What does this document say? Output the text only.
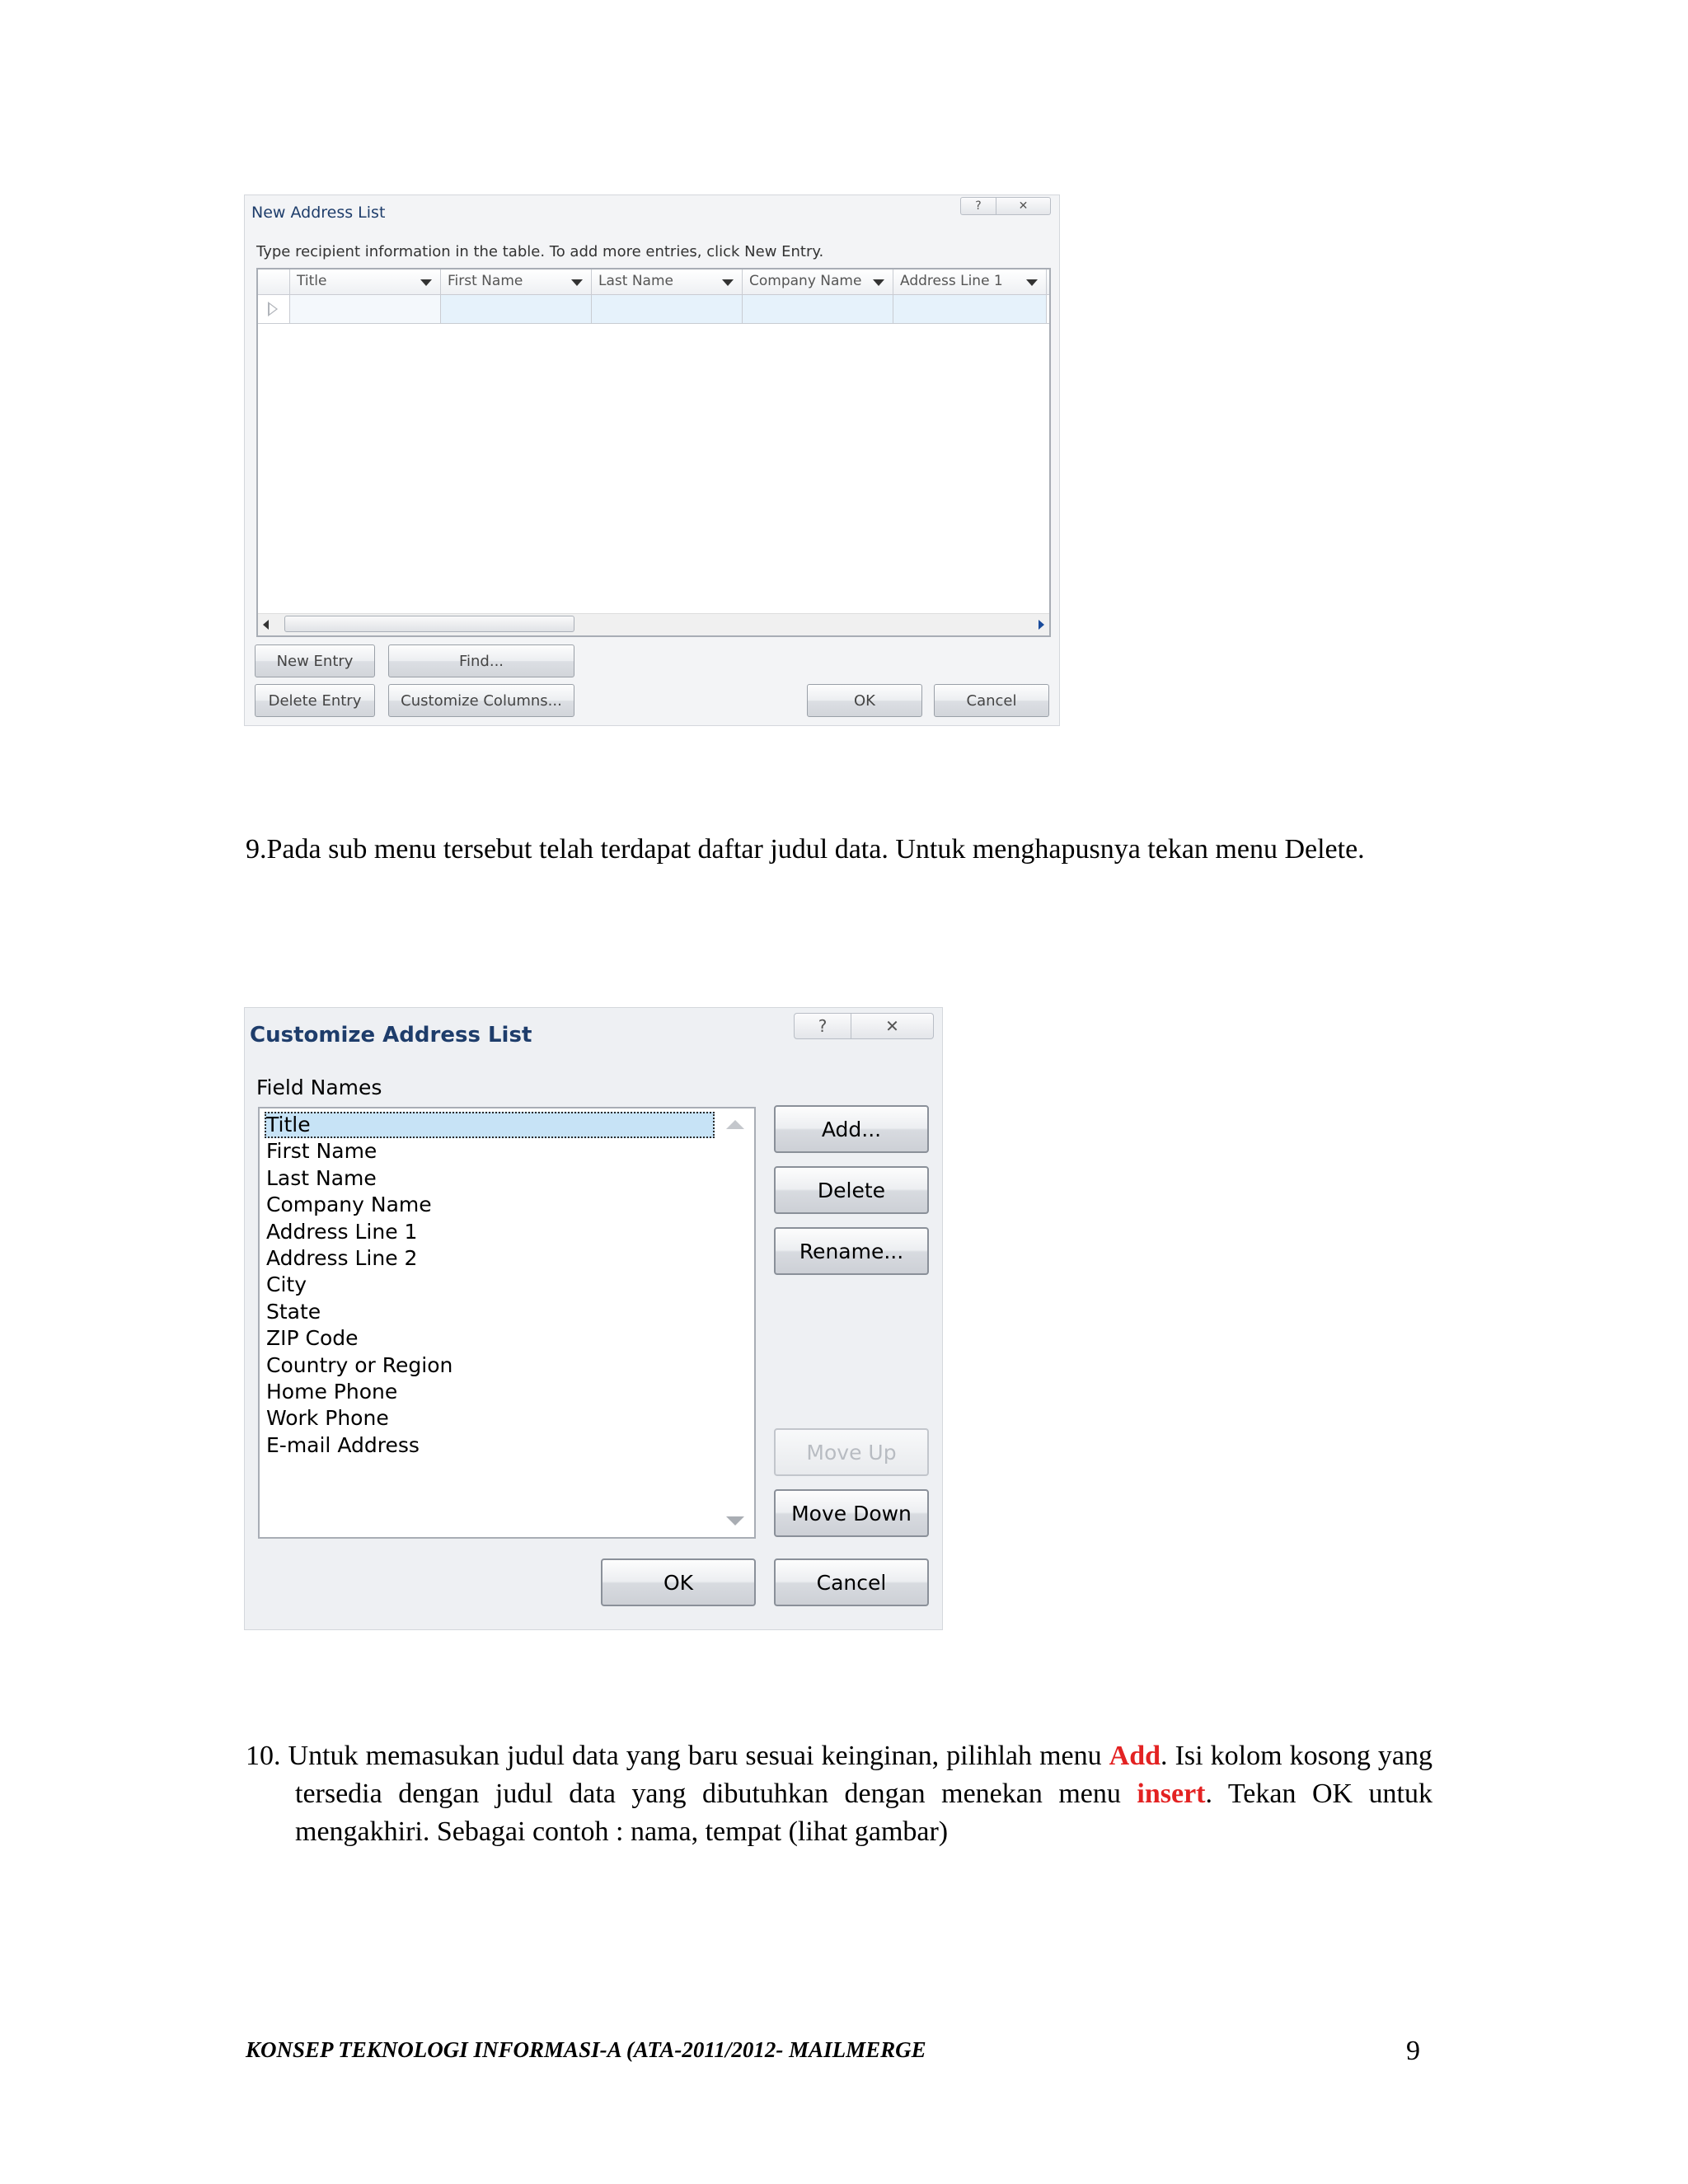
New Address List	?	✕
Type recipient information in the table. To add more entries, click New Entry.
Title	First Name	Last Name	Company Name	Address Line 1
New Entry	Find...
Delete Entry	Customize Columns...	OK	Cancel
9.Pada sub menu tersebut telah terdapat daftar judul data. Untuk menghapusnya tekan menu Delete.
Customize Address List	?	✕
Field Names
Title
First Name
Last Name
Company Name
Address Line 1
Address Line 2
City
State
ZIP Code
Country or Region
Home Phone
Work Phone
E-mail Address
Add...
Delete
Rename...
Move Up
Move Down
OK	Cancel
10. Untuk memasukan judul data yang baru sesuai keinginan, pilihlah menu Add. Isi kolom kosong yang tersedia dengan judul data yang dibutuhkan dengan menekan menu insert. Tekan OK untuk mengakhiri. Sebagai contoh : nama, tempat (lihat gambar)
KONSEP TEKNOLOGI INFORMASI-A (ATA-2011/2012- MAILMERGE	9
